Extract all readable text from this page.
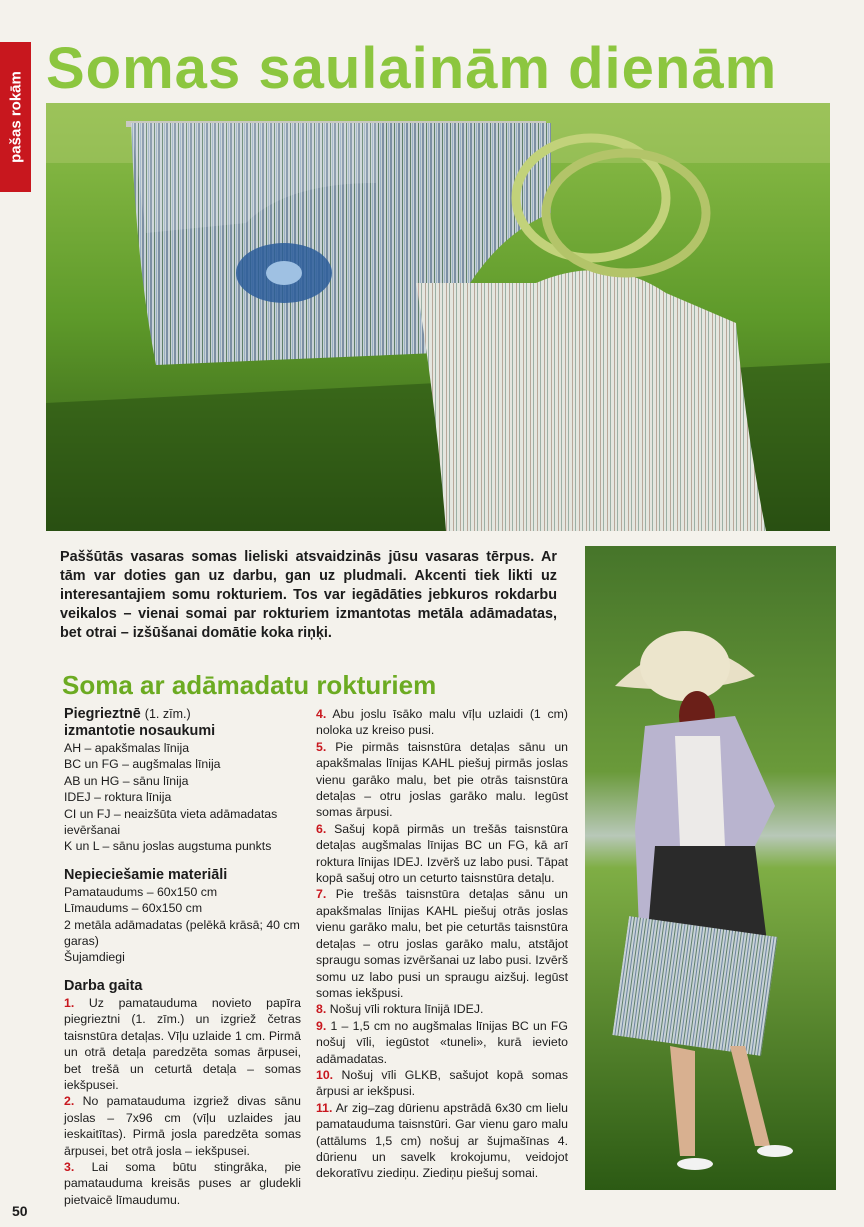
pašas rokām
Somas saulainām dienām
Paššūtās vasaras somas lieliski atsvaidzinās jūsu vasaras tērpus. Ar tām var doties gan uz darbu, gan uz pludmali. Akcenti tiek likti uz interesantajiem somu rokturiem. Tos var iegādāties jebkuros rokdarbu veikalos – vienai somai par rokturiem izmantotas metāla adāmadatas, bet otrai – izšūšanai domātie koka riņķi.
Soma ar adāmadatu rokturiem

Piegrieztnē (1. zīm.)
izmantotie nosaukumi

AH – apakšmalas līnija

BC un FG – augšmalas līnija

AB un HG – sānu līnija

IDEJ – roktura līnija

CI un FJ – neaizšūta vieta adāmadatas ievēršanai

K un L – sānu joslas augstuma punkts

Nepieciešamie materiāli

Pamataudums – 60x150 cm

Līmaudums – 60x150 cm

2 metāla adāmadatas (pelēkā krāsā; 40 cm garas)

Šujamdiegi

Darba gaita

1. Uz pamatauduma novieto papīra piegrieztni (1. zīm.) un izgriež četras taisnstūra detaļas. Vīļu uzlaide 1 cm. Pirmā un otrā detaļa paredzēta somas ārpusei, bet trešā un ceturtā detaļa – somas iekšpusei.

2. No pamatauduma izgriež divas sānu joslas – 7x96 cm (vīļu uzlaides jau ieskaitītas). Pirmā josla paredzēta somas ārpusei, bet otrā josla – iekšpusei.

3. Lai soma būtu stingrāka, pie pamatauduma kreisās puses ar gludekli pietvaicē līmaudumu.

4. Abu joslu īsāko malu vīļu uzlaidi (1 cm) noloka uz kreiso pusi.

5. Pie pirmās taisnstūra detaļas sānu un apakšmalas līnijas KAHL piešuj pirmās joslas vienu garāko malu, bet pie otrās taisnstūra detaļas – otru joslas garāko malu. Iegūst somas ārpusi.

6. Sašuj kopā pirmās un trešās taisnstūra detaļas augšmalas līnijas BC un FG, kā arī roktura līnijas IDEJ. Izvērš uz labo pusi. Tāpat kopā sašuj otro un ceturto taisnstūra detaļu.

7. Pie trešās taisnstūra detaļas sānu un apakšmalas līnijas KAHL piešuj otrās joslas vienu garāko malu, bet pie ceturtās taisnstūra detaļas – otru joslas garāko malu, atstājot spraugu somas izvēršanai uz labo pusi. Izvērš somu uz labo pusi un spraugu aizšuj. Iegūst somas iekšpusi.

8. Nošuj vīli roktura līnijā IDEJ.

9. 1 – 1,5 cm no augšmalas līnijas BC un FG nošuj vīli, iegūstot «tuneli», kurā ievieto adāmadatas.

10. Nošuj vīli GLKB, sašujot kopā somas ārpusi ar iekšpusi.

11. Ar zig–zag dūrienu apstrādā 6x30 cm lielu pamatauduma taisnstūri. Gar vienu garo malu (attālums 1,5 cm) nošuj ar šujmašīnas 4. dūrienu un savelk krokojumu, veidojot dekoratīvu ziediņu. Ziediņu piešuj somai.

50
